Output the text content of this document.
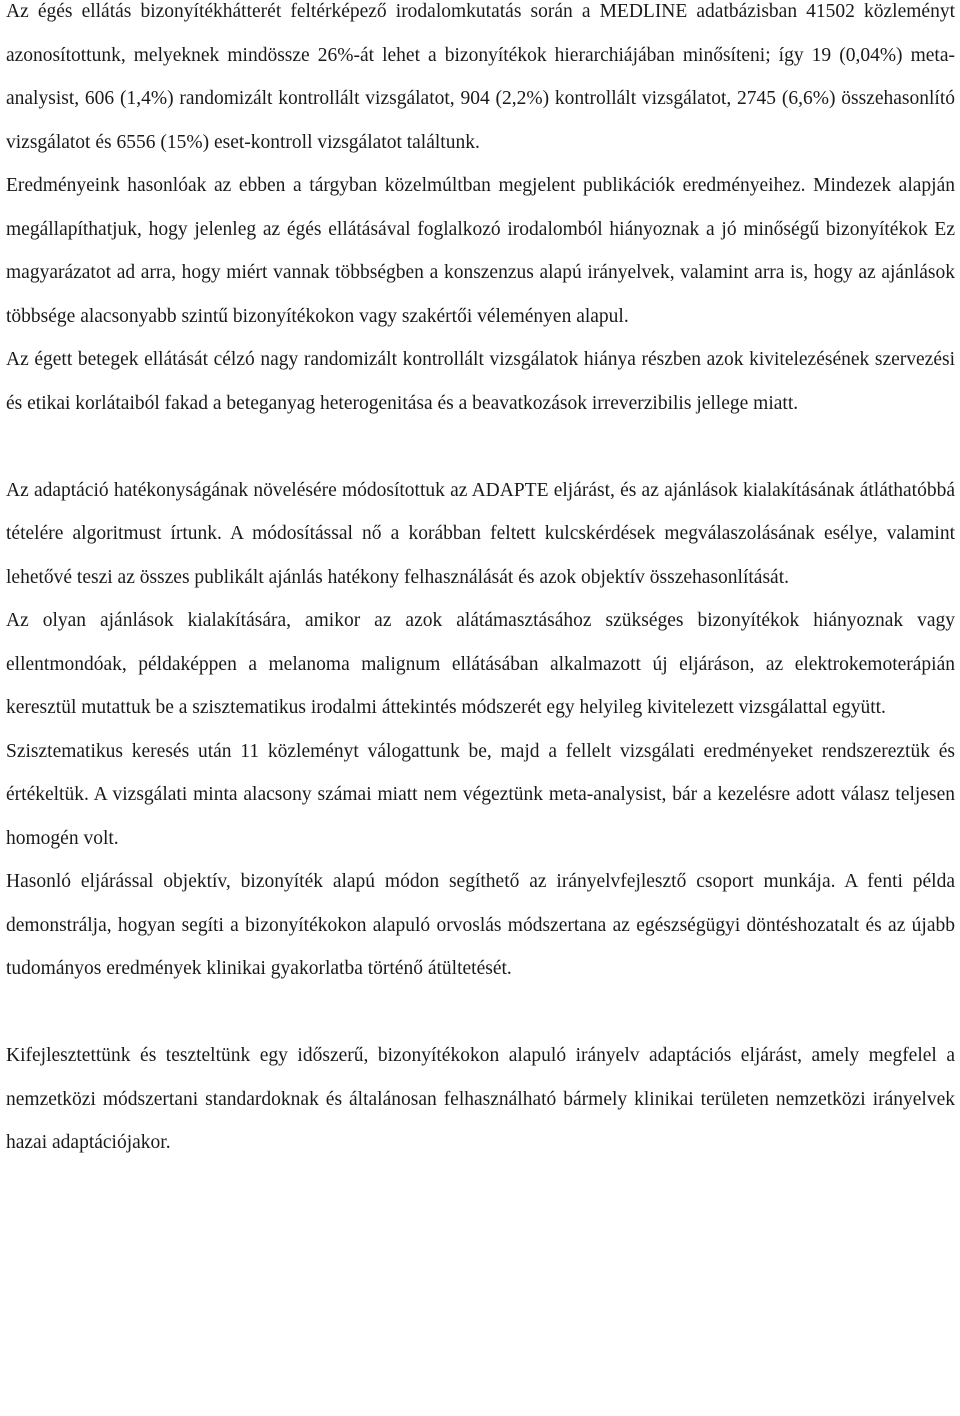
Az égés ellátás bizonyítékhátterét feltérképező irodalomkutatás során a MEDLINE adatbázisban 41502 közleményt azonosítottunk, melyeknek mindössze 26%-át lehet a bizonyítékok hierarchiájában minősíteni; így 19 (0,04%) meta-analysist, 606 (1,4%) randomizált kontrollált vizsgálatot, 904 (2,2%) kontrollált vizsgálatot, 2745 (6,6%) összehasonlító vizsgálatot és 6556 (15%) eset-kontroll vizsgálatot találtunk.

Eredményeink hasonlóak az ebben a tárgyban közelmúltban megjelent publikációk eredményeihez. Mindezek alapján megállapíthatjuk, hogy jelenleg az égés ellátásával foglalkozó irodalomból hiányoznak a jó minőségű bizonyítékok Ez magyarázatot ad arra, hogy miért vannak többségben a konszenzus alapú irányelvek, valamint arra is, hogy az ajánlások többsége alacsonyabb szintű bizonyítékokon vagy szakértői véleményen alapul.

Az égett betegek ellátását célzó nagy randomizált kontrollált vizsgálatok hiánya részben azok kivitelezésének szervezési és etikai korlátaiból fakad a beteganyag heterogenitása és a beavatkozások irreverzibilis jellege miatt.

Az adaptáció hatékonyságának növelésére módosítottuk az ADAPTE eljárást, és az ajánlások kialakításának átláthatóbbá tételére algoritmust írtunk. A módosítással nő a korábban feltett kulcskérdések megválaszolásának esélye, valamint lehetővé teszi az összes publikált ajánlás hatékony felhasználását és azok objektív összehasonlítását.

Az olyan ajánlások kialakítására, amikor az azok alátámasztásához szükséges bizonyítékok hiányoznak vagy ellentmondóak, példaképpen a melanoma malignum ellátásában alkalmazott új eljáráson, az elektrokemoterápián keresztül mutattuk be a szisztematikus irodalmi áttekintés módszerét egy helyileg kivitelezett vizsgálattal együtt.

Szisztematikus keresés után 11 közleményt válogattunk be, majd a fellelt vizsgálati eredményeket rendszereztük és értékeltük. A vizsgálati minta alacsony számai miatt nem végeztünk meta-analysist, bár a kezelésre adott válasz teljesen homogén volt.

Hasonló eljárással objektív, bizonyíték alapú módon segíthető az irányelvfejlesztő csoport munkája. A fenti példa demonstrálja, hogyan segíti a bizonyítékokon alapuló orvoslás módszertana az egészségügyi döntéshozatalt és az újabb tudományos eredmények klinikai gyakorlatba történő átültetését.

Kifejlesztettünk és teszteltünk egy időszerű, bizonyítékokon alapuló irányelv adaptációs eljárást, amely megfelel a nemzetközi módszertani standardoknak és általánosan felhasználható bármely klinikai területen nemzetközi irányelvek hazai adaptációjakor.
